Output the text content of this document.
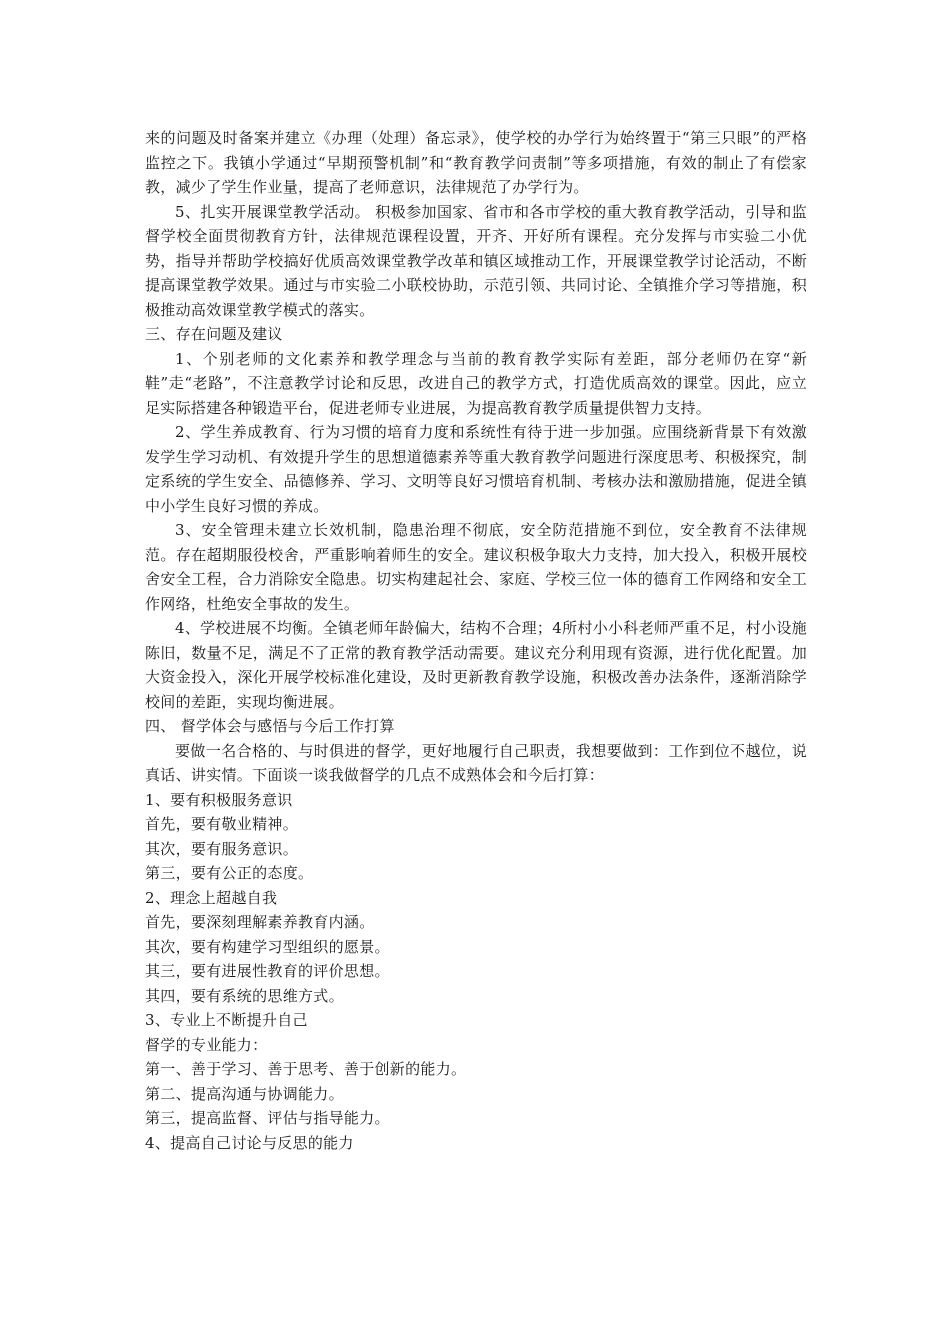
来的问题及时备案并建立《办理（处理）备忘录》，使学校的办学行为始终置于“第三只眼”的严格监控之下。我镇小学通过“早期预警机制”和“教育教学问责制”等多项措施，有效的制止了有偿家教，减少了学生作业量，提高了老师意识，法律规范了办学行为。

5、扎实开展课堂教学活动。 积极参加国家、省市和各市学校的重大教育教学活动，引导和监督学校全面贯彻教育方针，法律规范课程设置，开齐、开好所有课程。充分发挥与市实验二小优势，指导并帮助学校搞好优质高效课堂教学改革和镇区域推动工作，开展课堂教学讨论活动，不断提高课堂教学效果。通过与市实验二小联校协助，示范引领、共同讨论、全镇推介学习等措施，积极推动高效课堂教学模式的落实。

三、存在问题及建议

1、个别老师的文化素养和教学理念与当前的教育教学实际有差距，部分老师仍在穿“新鞋”走“老路”，不注意教学讨论和反思，改进自己的教学方式，打造优质高效的课堂。因此，应立足实际搭建各种锻造平台，促进老师专业进展，为提高教育教学质量提供智力支持。

2、学生养成教育、行为习惯的培育力度和系统性有待于进一步加强。应围绕新背景下有效激发学生学习动机、有效提升学生的思想道德素养等重大教育教学问题进行深度思考、积极探究，制定系统的学生安全、品德修养、学习、文明等良好习惯培育机制、考核办法和激励措施，促进全镇中小学生良好习惯的养成。

3、安全管理未建立长效机制，隐患治理不彻底，安全防范措施不到位，安全教育不法律规范。存在超期服役校舍，严重影响着师生的安全。建议积极争取大力支持，加大投入，积极开展校舍安全工程，合力消除安全隐患。切实构建起社会、家庭、学校三位一体的德育工作网络和安全工作网络，杜绝安全事故的发生。

4、学校进展不均衡。全镇老师年龄偏大，结构不合理；4所村小小科老师严重不足，村小设施陈旧，数量不足，满足不了正常的教育教学活动需要。建议充分利用现有资源，进行优化配置。加大资金投入，深化开展学校标准化建设，及时更新教育教学设施，积极改善办法条件，逐渐消除学校间的差距，实现均衡进展。

四、 督学体会与感悟与今后工作打算

要做一名合格的、与时俱进的督学，更好地履行自己职责，我想要做到：工作到位不越位，说真话、讲实情。下面谈一谈我做督学的几点不成熟体会和今后打算：

1、要有积极服务意识

首先，要有敬业精神。

其次，要有服务意识。

第三，要有公正的态度。

2、理念上超越自我

首先，要深刻理解素养教育内涵。

其次，要有构建学习型组织的愿景。

其三，要有进展性教育的评价思想。

其四，要有系统的思维方式。

3、专业上不断提升自己

督学的专业能力：

第一、善于学习、善于思考、善于创新的能力。

第二、提高沟通与协调能力。

第三，提高监督、评估与指导能力。

4、提高自己讨论与反思的能力
